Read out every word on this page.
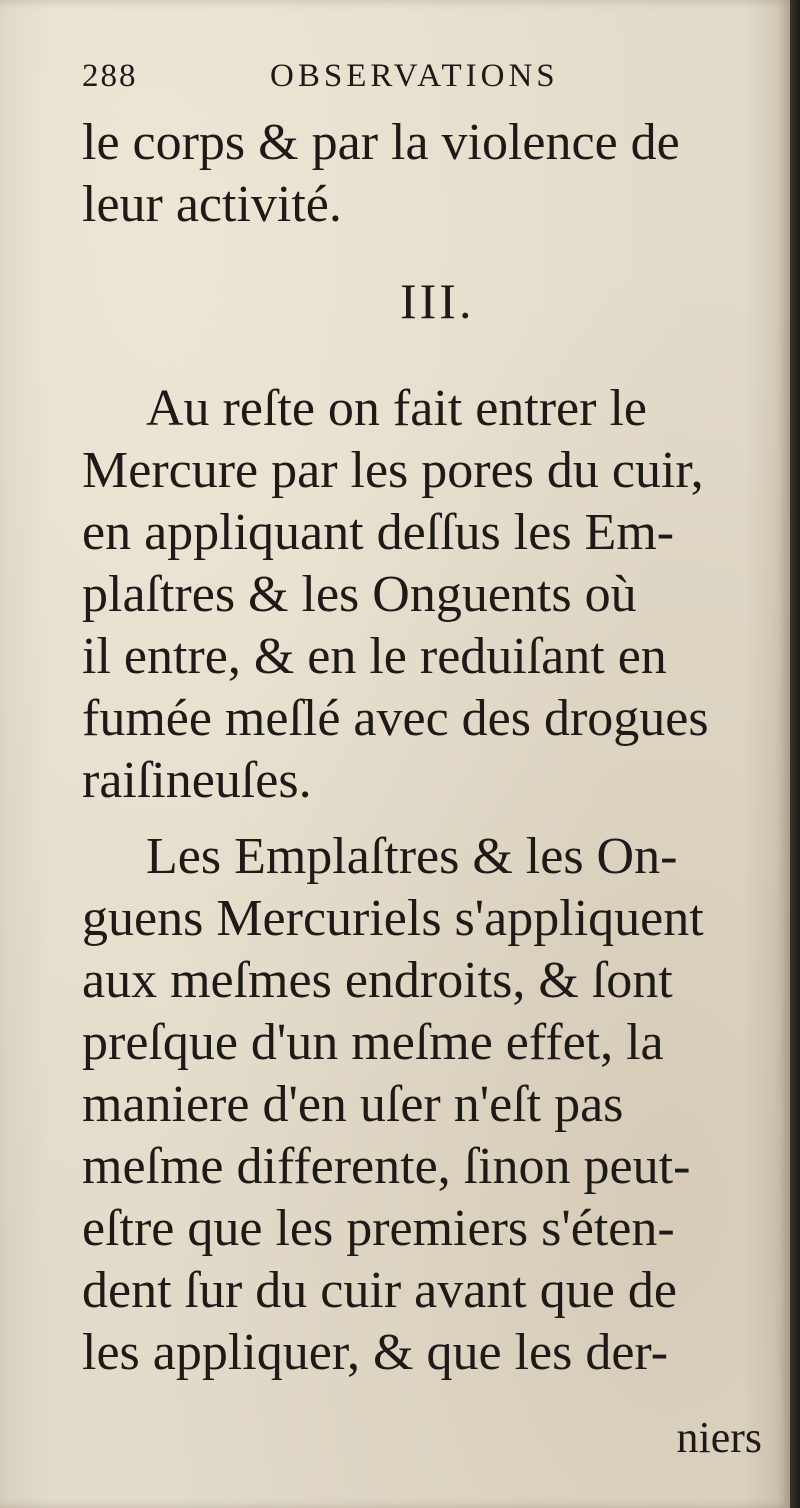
288	OBSERVATIONS

le corps & par la violence de

leur activité.

III.

Au reſte on fait entrer le

Mercure par les pores du cuir,

en appliquant deſſus les Em-

plaſtres & les Onguents où

il entre, & en le reduiſant en

fumée meſlé avec des drogues

raiſineuſes.

Les Emplaſtres & les On-

guens Mercuriels s'appliquent

aux meſmes endroits, & ſont

preſque d'un meſme effet, la

maniere d'en uſer n'eſt pas

meſme differente, ſinon peut-

eſtre que les premiers s'éten-

dent ſur du cuir avant que de

les appliquer, & que les der-

niers
